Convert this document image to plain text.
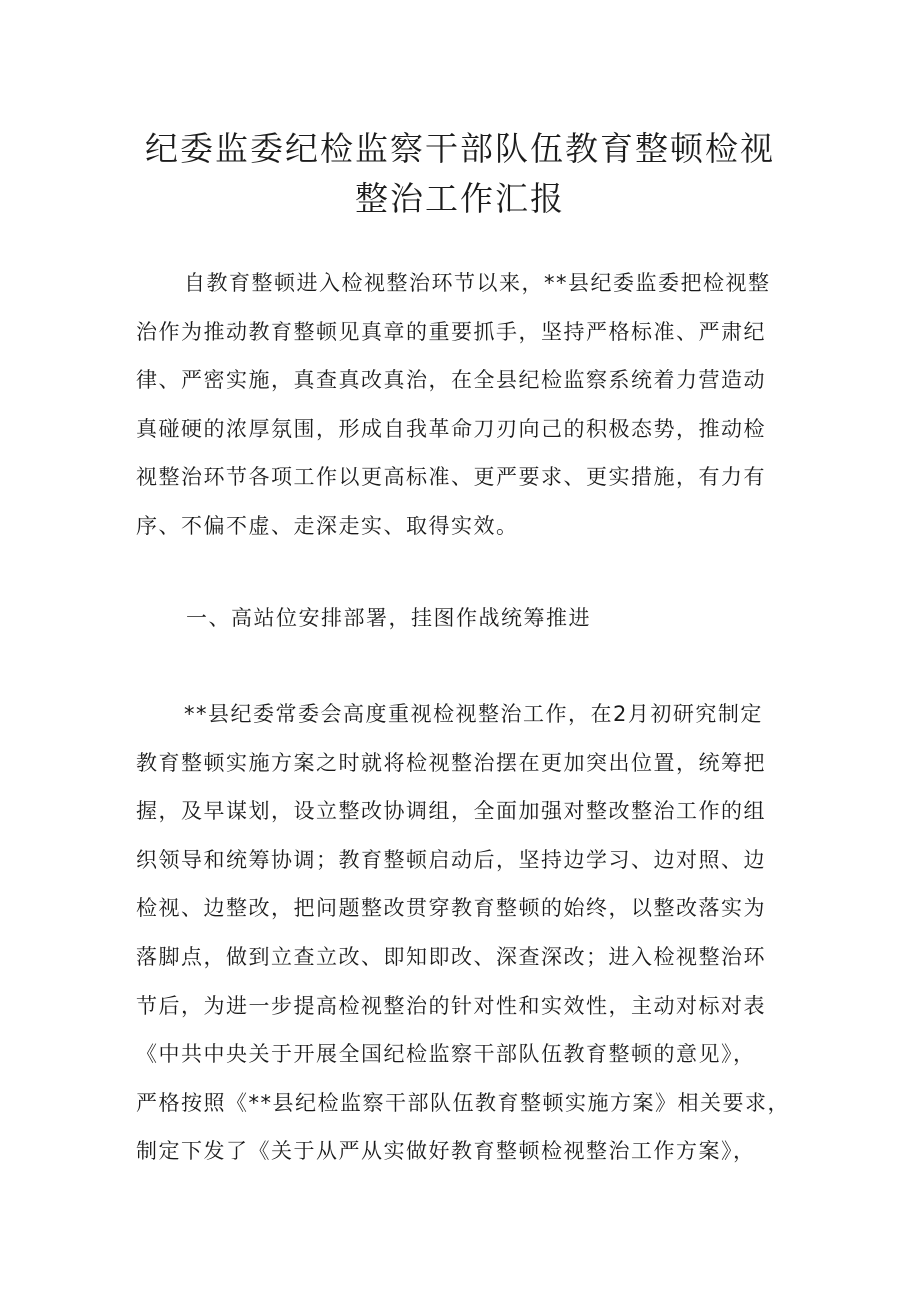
纪委监委纪检监察干部队伍教育整顿检视
整治工作汇报
自教育整顿进入检视整治环节以来，**县纪委监委把检视整
治作为推动教育整顿见真章的重要抓手，坚持严格标准、严肃纪
律、严密实施，真查真改真治，在全县纪检监察系统着力营造动
真碰硬的浓厚氛围，形成自我革命刀刃向己的积极态势，推动检
视整治环节各项工作以更高标准、更严要求、更实措施，有力有
序、不偏不虚、走深走实、取得实效。
一、高站位安排部署，挂图作战统筹推进
**县纪委常委会高度重视检视整治工作，在2月初研究制定
教育整顿实施方案之时就将检视整治摆在更加突出位置，统筹把
握，及早谋划，设立整改协调组，全面加强对整改整治工作的组
织领导和统筹协调；教育整顿启动后，坚持边学习、边对照、边
检视、边整改，把问题整改贯穿教育整顿的始终，以整改落实为
落脚点，做到立查立改、即知即改、深查深改；进入检视整治环
节后，为进一步提高检视整治的针对性和实效性，主动对标对表
《中共中央关于开展全国纪检监察干部队伍教育整顿的意见》，
严格按照《**县纪检监察干部队伍教育整顿实施方案》相关要求，
制定下发了《关于从严从实做好教育整顿检视整治工作方案》，
